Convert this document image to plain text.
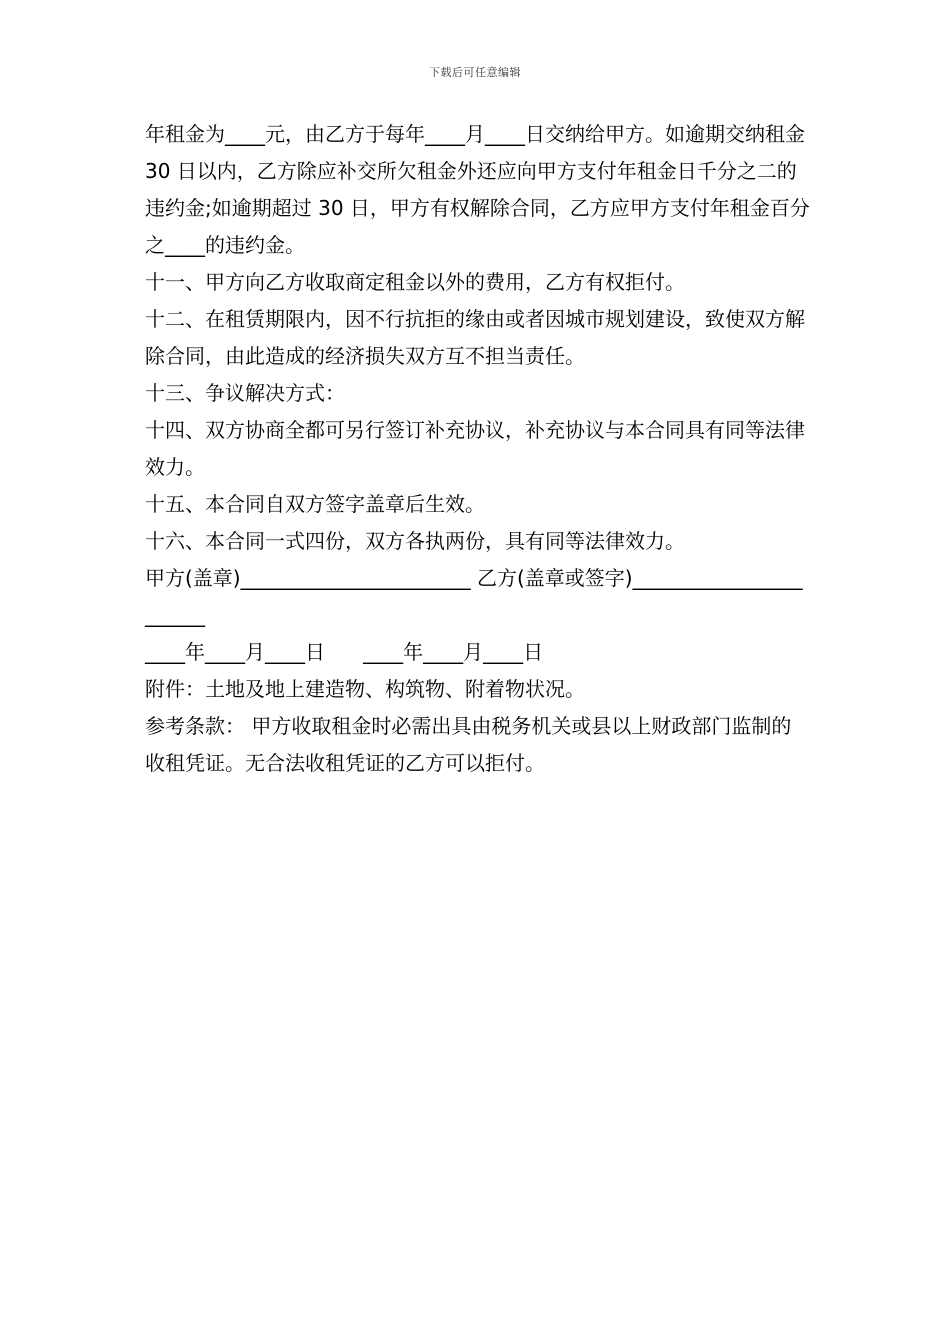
下载后可任意编辑

年租金为____元，由乙方于每年____月____日交纳给甲方。如逾期交纳租金 30 日以内，乙方除应补交所欠租金外还应向甲方支付年租金日千分之二的违约金;如逾期超过 30 日，甲方有权解除合同，乙方应甲方支付年租金百分之____的违约金。

十一、甲方向乙方收取商定租金以外的费用，乙方有权拒付。

十二、在租赁期限内，因不行抗拒的缘由或者因城市规划建设，致使双方解除合同，由此造成的经济损失双方互不担当责任。

十三、争议解决方式：

十四、双方协商全都可另行签订补充协议，补充协议与本合同具有同等法律效力。

十五、本合同自双方签字盖章后生效。

十六、本合同一式四份，双方各执两份，具有同等法律效力。

甲方(盖章)_______________________ 乙方(盖章或签字)_______________________

____年____月____日      ____年____月____日

附件：土地及地上建造物、构筑物、附着物状况。

参考条款： 甲方收取租金时必需出具由税务机关或县以上财政部门监制的收租凭证。无合法收租凭证的乙方可以拒付。
